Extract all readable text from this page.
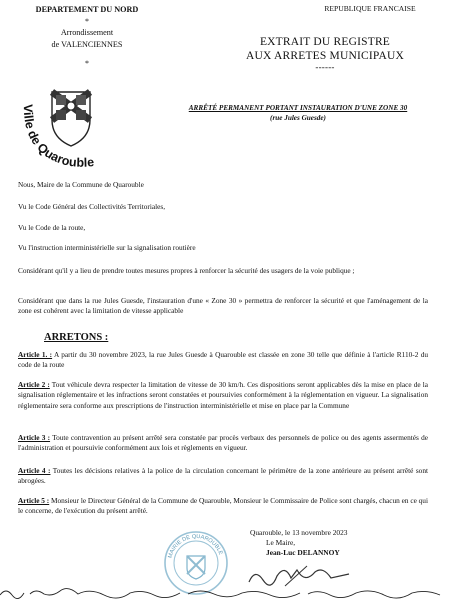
DEPARTEMENT DU NORD
*
Arrondissement
de VALENCIENNES
*
REPUBLIQUE FRANCAISE
EXTRAIT DU REGISTRE
AUX ARRETES MUNICIPAUX
------
Ville de Quarouble
ARRÊTÉ PERMANENT PORTANT INSTAURATION D'UNE ZONE 30
(rue Jules Guesde)
Nous, Maire de la Commune de Quarouble
Vu le Code Général des Collectivités Territoriales,
Vu le Code de la route,
Vu l'instruction interministérielle sur la signalisation routière
Considérant qu'il y a lieu de prendre toutes mesures propres à renforcer la sécurité des usagers de la voie publique ;
Considérant que dans la rue Jules Guesde, l'instauration d'une « Zone 30 » permettra de renforcer la sécurité et que l'aménagement de la zone est cohérent avec la limitation de vitesse applicable
ARRETONS :
Article 1. : A partir du 30 novembre 2023, la rue Jules Guesde à Quarouble est classée en zone 30 telle que définie à l'article R110-2 du code de la route
Article 2 : Tout véhicule devra respecter la limitation de vitesse de 30 km/h. Ces dispositions seront applicables dès la mise en place de la signalisation réglementaire et les infractions seront constatées et poursuivies conformément à la réglementation en vigueur. La signalisation réglementaire sera conforme aux prescriptions de l'instruction interministérielle et mise en place par la Commune
Article 3 : Toute contravention au présent arrêté sera constatée par procès verbaux des personnels de police ou des agents assermentés de l'administration et poursuivie conformément aux lois et règlements en vigueur.
Article 4 : Toutes les décisions relatives à la police de la circulation concernant le périmètre de la zone antérieure au présent arrêté sont abrogées.
Article 5 : Monsieur le Directeur Général de la Commune de Quarouble, Monsieur le Commissaire de Police sont chargés, chacun en ce qui le concerne, de l'exécution du présent arrêté.
MAIRIE DE QUAROUBLE
Quarouble, le 13 novembre 2023
Le Maire,
Jean-Luc DELANNOY
